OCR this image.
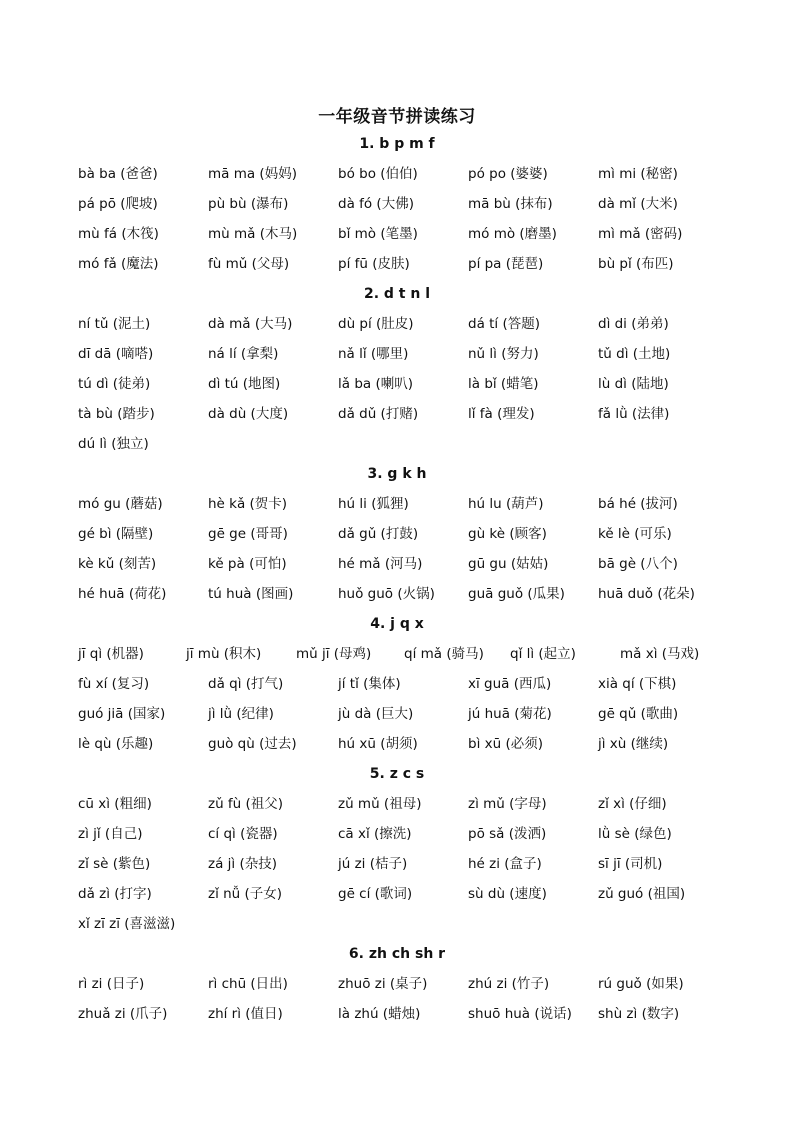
一年级音节拼读练习
1. b p m f
bà ba (爸爸)	mā ma (妈妈)	bó bo (伯伯)	pó po (婆婆)	mì mi (秘密)
pá pō (爬坡)	pù bù (瀑布)	dà fó (大佛)	mā bù (抹布)	dà mǐ (大米)
mù fá (木筏)	mù mǎ (木马)	bǐ mò (笔墨)	mó mò (磨墨)	mì mǎ (密码)
mó fǎ (魔法)	fù mǔ (父母)	pí fū (皮肤)	pí pa (琵琶)	bù pǐ (布匹)
2. d t n l
ní tǔ (泥土)	dà mǎ (大马)	dù pí (肚皮)	dá tí (答题)	dì di (弟弟)
dī dā (嘀嗒)	ná lí (拿梨)	nǎ lǐ (哪里)	nǔ lì (努力)	tǔ dì (土地)
tú dì (徒弟)	dì tú (地图)	lǎ ba (喇叭)	là bǐ (蜡笔)	lù dì (陆地)
tà bù (踏步)	dà dù (大度)	dǎ dǔ (打赌)	lǐ fà (理发)	fǎ lǜ (法律)
dú lì (独立)
3. g k h
mó gu (蘑菇)	hè kǎ (贺卡)	hú li (狐狸)	hú lu (葫芦)	bá hé (拔河)
gé bì (隔壁)	gē ge (哥哥)	dǎ gǔ (打鼓)	gù kè (顾客)	kě lè (可乐)
kè kǔ (刻苦)	kě pà (可怕)	hé mǎ (河马)	gū gu (姑姑)	bā gè (八个)
hé huā (荷花)	tú huà (图画)	huǒ guō (火锅) guā guǒ (瓜果) huā duǒ (花朵)
4. j q x
jī qì (机器)	jī mù (积木)	mǔ jī (母鸡) qí mǎ (骑马) qǐ lì (起立)	mǎ xì (马戏)
fù xí (复习)	dǎ qì (打气)	jí tǐ (集体)	xī guā (西瓜)	xià qí (下棋)
guó jiā (国家)	jì lǜ (纪律)	jù dà (巨大)	jú huā (菊花)	gē qǔ (歌曲)
lè qù (乐趣)	guò qù (过去)	hú xū (胡须)	bì xū (必须)	jì xù (继续)
5. z c s
cū xì (粗细)	zǔ fù (祖父)	zǔ mǔ (祖母)	zì mǔ (字母)	zǐ xì (仔细)
zì jǐ (自己)	cí qì (瓷器)	cā xǐ (擦洗)	pō sǎ (泼洒)	lǜ sè (绿色)
zǐ sè (紫色)	zá jì (杂技)	jú zi (桔子)	hé zi (盒子)	sī jī (司机)
dǎ zì (打字)	zǐ nǚ (子女)	gē cí (歌词)	sù dù (速度)	zǔ guó (祖国)
xǐ zī zī (喜滋滋)
6. zh ch sh r
rì zi (日子)	rì chū (日出)	zhuō zi (桌子)	zhú zi (竹子)	rú guǒ (如果)
zhuǎ zi (爪子)	zhí rì (值日)	là zhú (蜡烛)	shuō huà (说话) shù zì (数字)
